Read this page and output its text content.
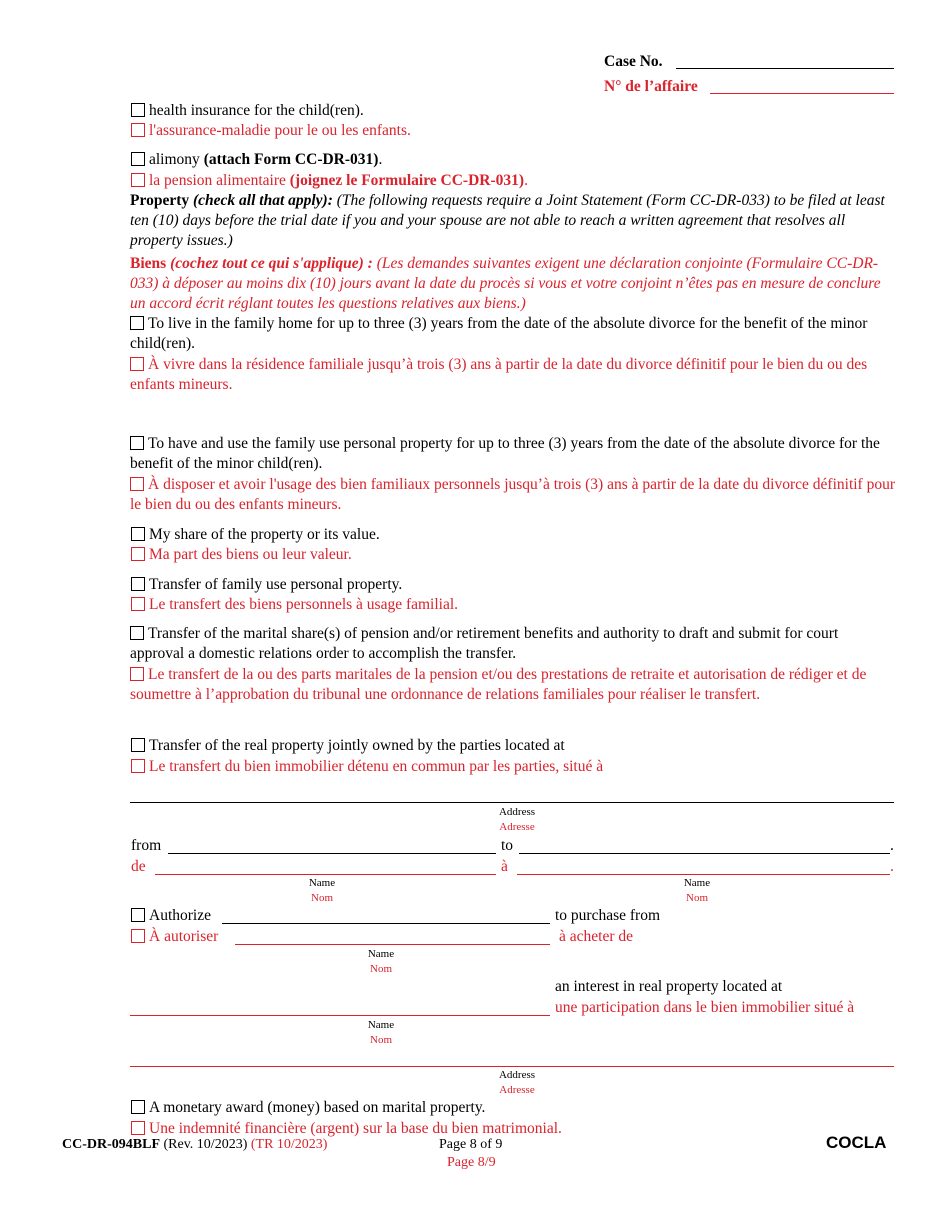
Case No.
N° de l’affaire
health insurance for the child(ren).
l'assurance-maladie pour le ou les enfants.
alimony (attach Form CC-DR-031).
la pension alimentaire (joignez le Formulaire CC-DR-031).
Property (check all that apply): (The following requests require a Joint Statement (Form CC-DR-033) to be filed at least ten (10) days before the trial date if you and your spouse are not able to reach a written agreement that resolves all property issues.)
Biens (cochez tout ce qui s'applique) : (Les demandes suivantes exigent une déclaration conjointe (Formulaire CC-DR-033) à déposer au moins dix (10) jours avant la date du procès si vous et votre conjoint n’êtes pas en mesure de conclure un accord écrit réglant toutes les questions relatives aux biens.)
To live in the family home for up to three (3) years from the date of the absolute divorce for the benefit of the minor child(ren).
À vivre dans la résidence familiale jusqu’à trois (3) ans à partir de la date du divorce définitif pour le bien du ou des enfants mineurs.
To have and use the family use personal property for up to three (3) years from the date of the absolute divorce for the benefit of the minor child(ren).
À disposer et avoir l'usage des bien familiaux personnels jusqu’à trois (3) ans à partir de la date du divorce définitif pour le bien du ou des enfants mineurs.
My share of the property or its value.
Ma part des biens ou leur valeur.
Transfer of family use personal property.
Le transfert des biens personnels à usage familial.
Transfer of the marital share(s) of pension and/or retirement benefits and authority to draft and submit for court approval a domestic relations order to accomplish the transfer.
Le transfert de la ou des parts maritales de la pension et/ou des prestations de retraite et autorisation de rédiger et de soumettre à l’approbation du tribunal une ordonnance de relations familiales pour réaliser le transfert.
Transfer of the real property jointly owned by the parties located at
Le transfert du bien immobilier détenu en commun par les parties, situé à
Address
Adresse
from	to	.
de	à	.
Name
Nom
Name
Nom
Authorize	to purchase from
À autoriser	à acheter de
Name
Nom
an interest in real property located at
une participation dans le bien immobilier situé à
Name
Nom
Address
Adresse
A monetary award (money) based on marital property.
Une indemnité financière (argent) sur la base du bien matrimonial.
CC-DR-094BLF (Rev. 10/2023) (TR 10/2023)	Page 8 of 9
Page 8/9
COCLA
